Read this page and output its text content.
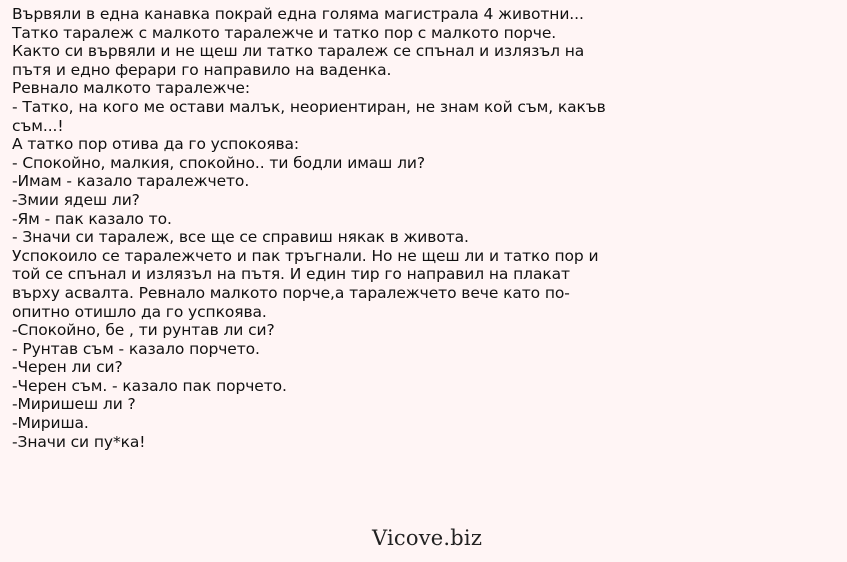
Вървяли в една канавка покрай една голяма магистрала 4 животни...
Татко таралеж с малкото таралежче и татко пор с малкото порче.
Както си вървяли и не щеш ли татко таралеж се спънал и излязъл на
пътя и едно ферари го направило на ваденка.
Ревнало малкото таралежче:
- Татко, на кого ме остави малък, неориентиран, не знам кой съм, какъв
съм...!
А татко пор отива да го успокоява:
- Спокойно, малкия, спокойно.. ти бодли имаш ли?
-Имам - казало таралежчето.
-Змии ядеш ли?
-Ям - пак казало то.
- Значи си таралеж, все ще се справиш някак в живота.
Успокоило се таралежчето и пак тръгнали. Но не щеш ли и татко пор и
той се спънал и излязъл на пътя. И един тир го направил на плакат
върху асвалта. Ревнало малкото порче,а таралежчето вече като по-
опитно отишло да го успкоява.
-Спокойно, бе , ти рунтав ли си?
- Рунтав съм - казало порчето.
-Черен ли си?
-Черен съм. - казало пак порчето.
-Миришеш ли ?
-Мириша.
-Значи си пу*ка!
Vicove.biz
